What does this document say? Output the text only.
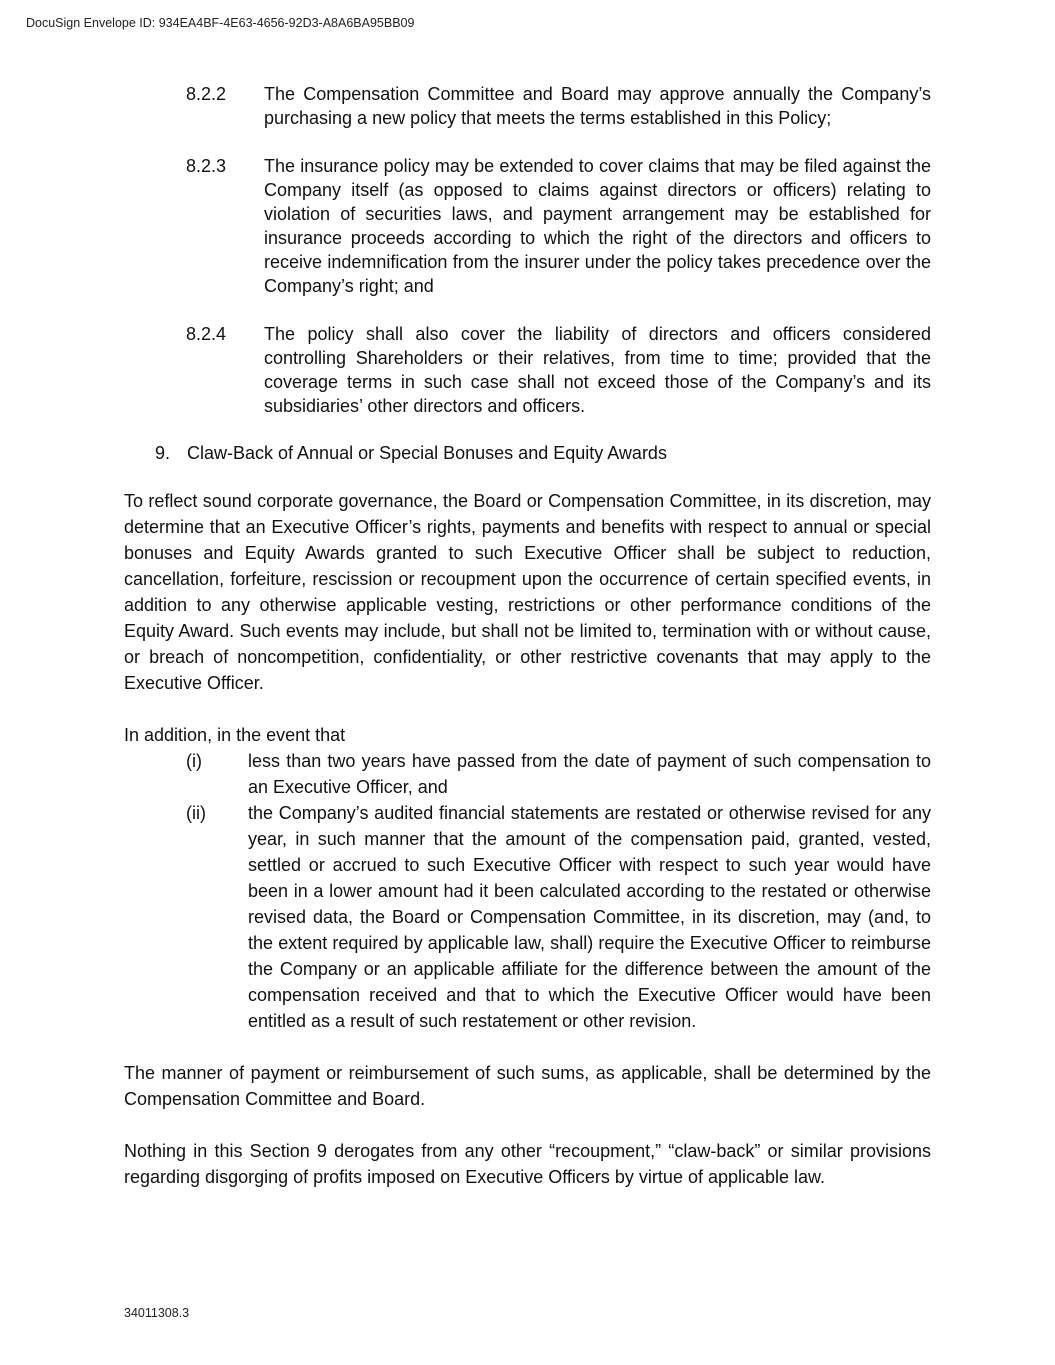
DocuSign Envelope ID: 934EA4BF-4E63-4656-92D3-A8A6BA95BB09
8.2.2	The Compensation Committee and Board may approve annually the Company’s purchasing a new policy that meets the terms established in this Policy;
8.2.3	The insurance policy may be extended to cover claims that may be filed against the Company itself (as opposed to claims against directors or officers) relating to violation of securities laws, and payment arrangement may be established for insurance proceeds according to which the right of the directors and officers to receive indemnification from the insurer under the policy takes precedence over the Company’s right; and
8.2.4	The policy shall also cover the liability of directors and officers considered controlling Shareholders or their relatives, from time to time; provided that the coverage terms in such case shall not exceed those of the Company’s and its subsidiaries’ other directors and officers.
9. Claw-Back of Annual or Special Bonuses and Equity Awards

To reflect sound corporate governance, the Board or Compensation Committee, in its discretion, may determine that an Executive Officer’s rights, payments and benefits with respect to annual or special bonuses and Equity Awards granted to such Executive Officer shall be subject to reduction, cancellation, forfeiture, rescission or recoupment upon the occurrence of certain specified events, in addition to any otherwise applicable vesting, restrictions or other performance conditions of the Equity Award. Such events may include, but shall not be limited to, termination with or without cause, or breach of noncompetition, confidentiality, or other restrictive covenants that may apply to the Executive Officer.

In addition, in the event that

(i)	less than two years have passed from the date of payment of such compensation to an Executive Officer, and
(ii)	the Company’s audited financial statements are restated or otherwise revised for any year, in such manner that the amount of the compensation paid, granted, vested, settled or accrued to such Executive Officer with respect to such year would have been in a lower amount had it been calculated according to the restated or otherwise revised data, the Board or Compensation Committee, in its discretion, may (and, to the extent required by applicable law, shall) require the Executive Officer to reimburse the Company or an applicable affiliate for the difference between the amount of the compensation received and that to which the Executive Officer would have been entitled as a result of such restatement or other revision.

The manner of payment or reimbursement of such sums, as applicable, shall be determined by the Compensation Committee and Board.

Nothing in this Section 9 derogates from any other “recoupment,” “claw-back” or similar provisions regarding disgorging of profits imposed on Executive Officers by virtue of applicable law.

34011308.3
